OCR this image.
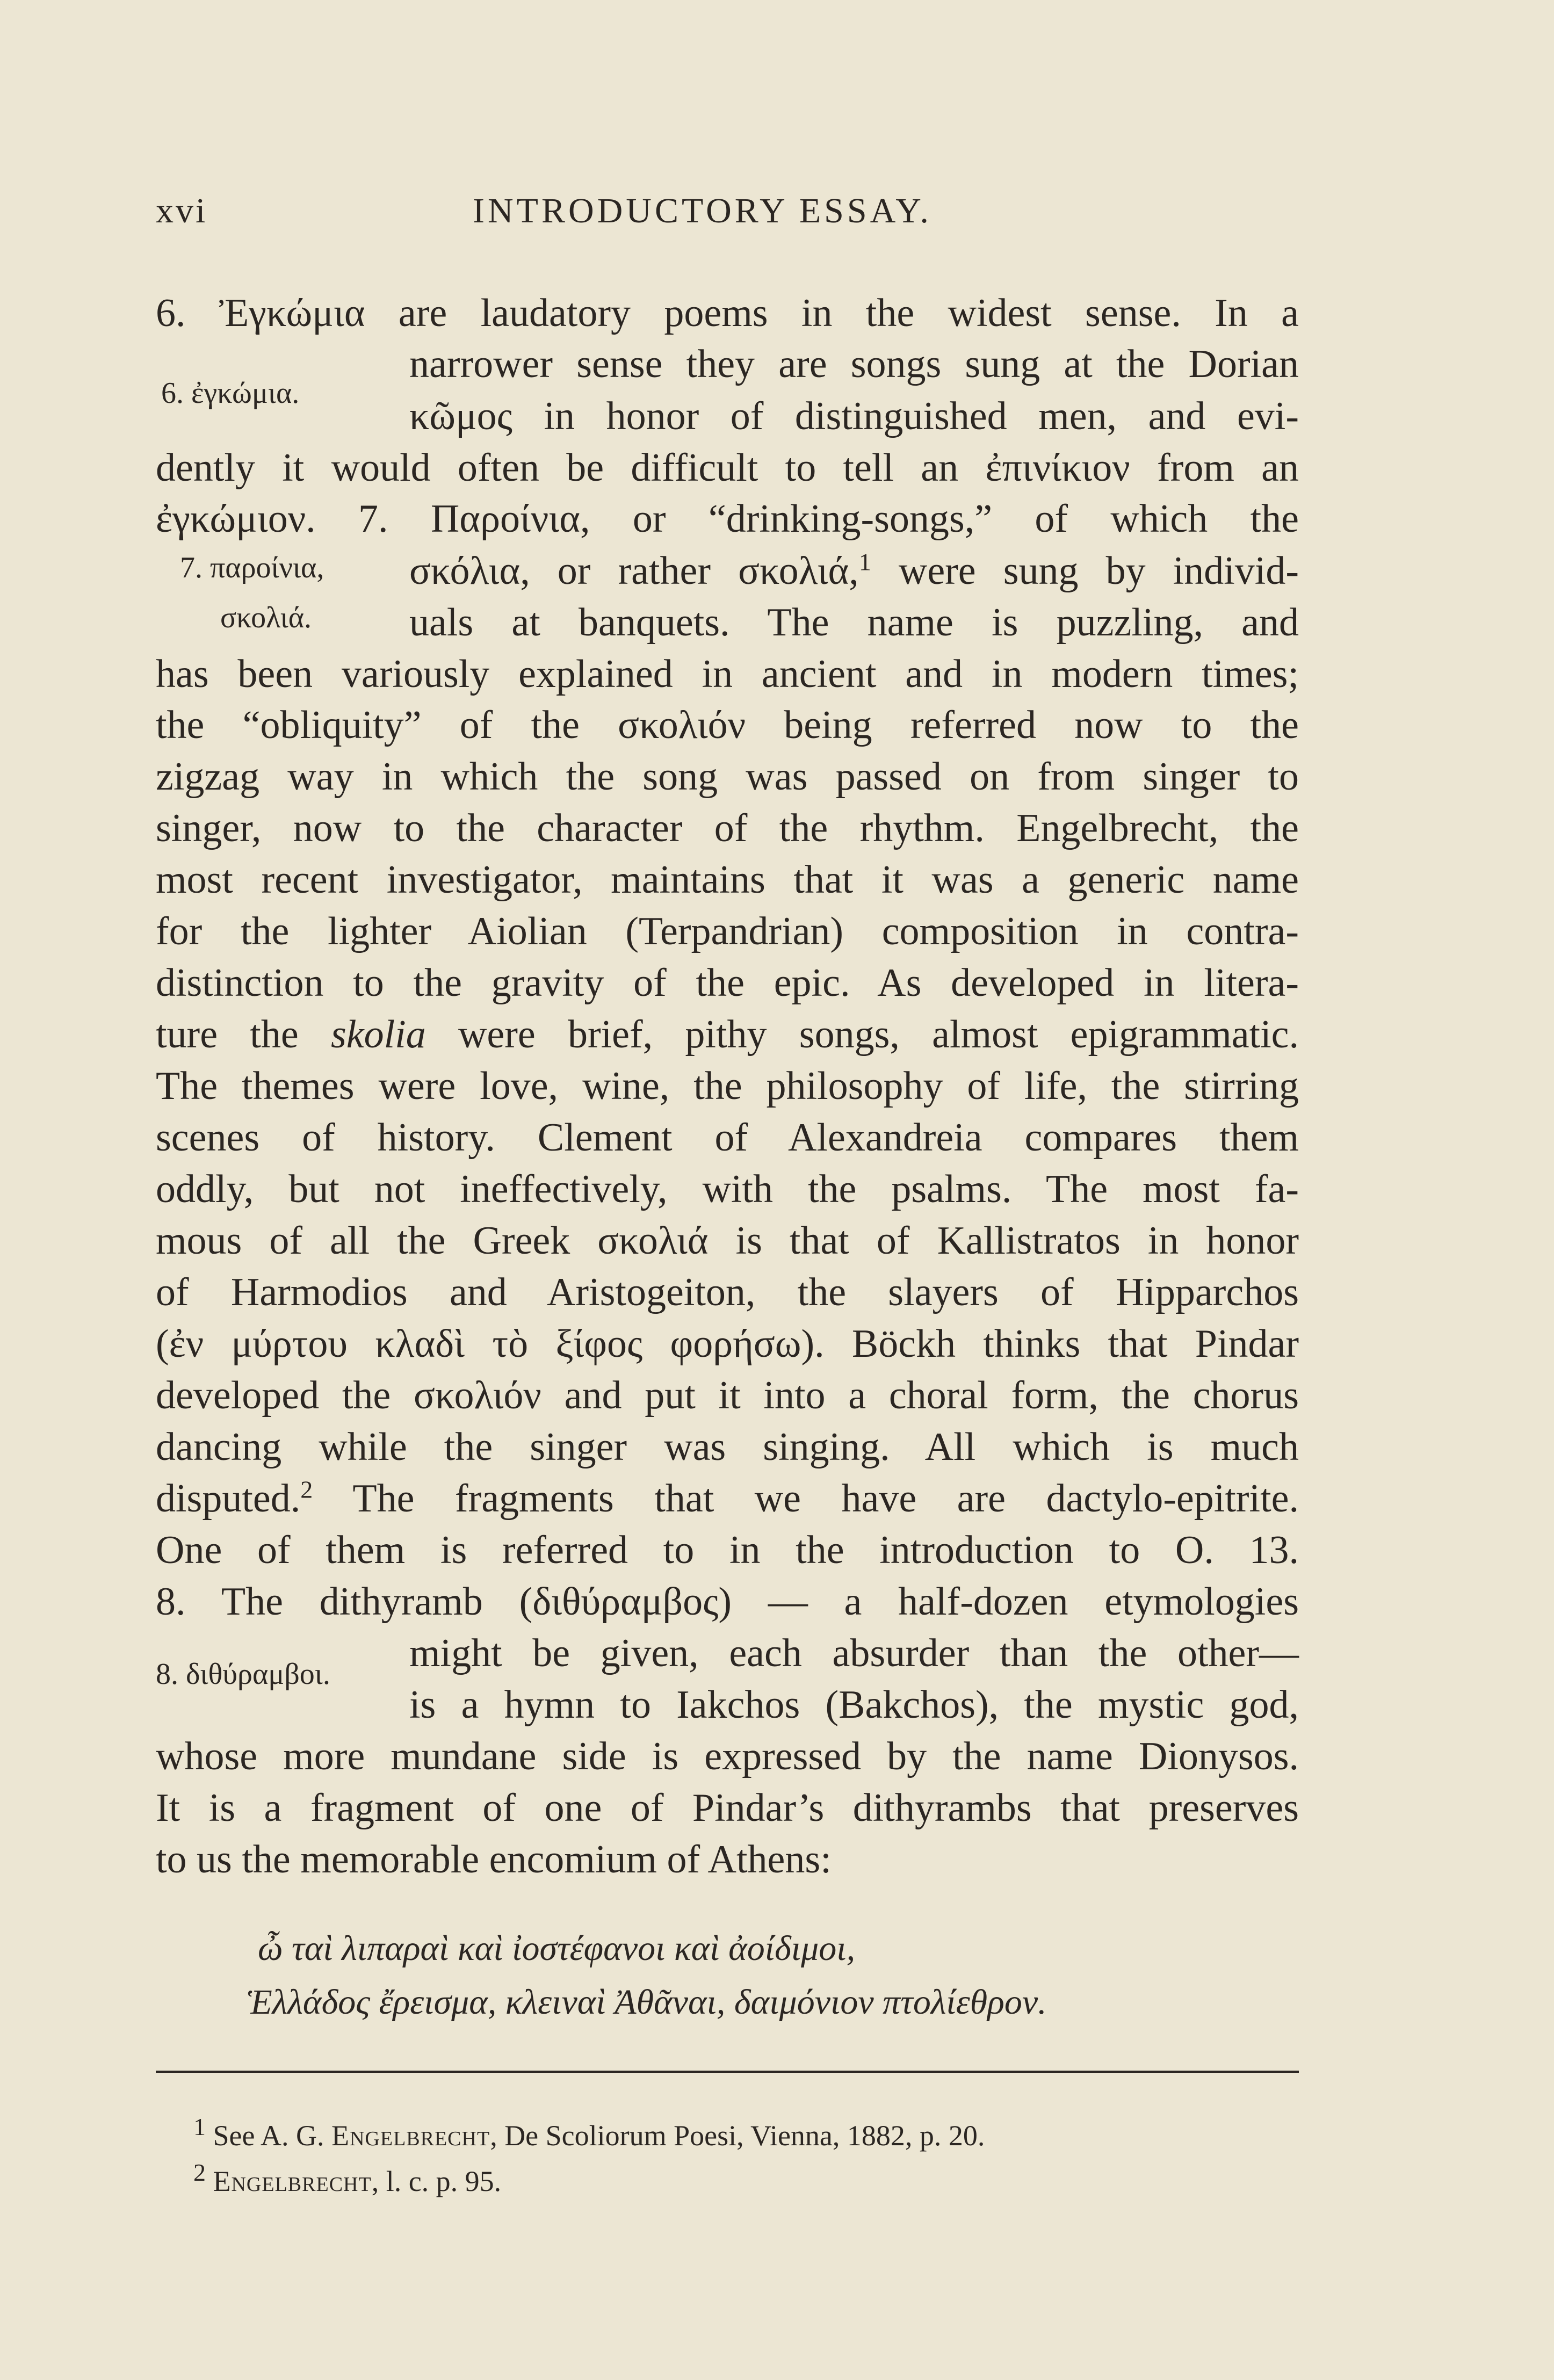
xvi	INTRODUCTORY ESSAY.
6. ἐγκώμια.
7. παροίνια,
σκολιά.
8. διθύραμβοι.
6. Ἐγκώμια are laudatory poems in the widest sense. In a
narrower sense they are songs sung at the Dorian
κῶμος in honor of distinguished men, and evi-
dently it would often be difficult to tell an ἐπινίκιον from an
ἐγκώμιον. 7. Παροίνια, or “drinking-songs,” of which the
σκόλια, or rather σκολιά,$^1$ were sung by individ-
uals at banquets. The name is puzzling, and
has been variously explained in ancient and in modern times;
the “obliquity” of the σκολιόν being referred now to the
zigzag way in which the song was passed on from singer to
singer, now to the character of the rhythm. Engelbrecht, the
most recent investigator, maintains that it was a generic name
for the lighter Aiolian (Terpandrian) composition in contra-
distinction to the gravity of the epic. As developed in litera-
ture the skolia were brief, pithy songs, almost epigrammatic.
The themes were love, wine, the philosophy of life, the stirring
scenes of history. Clement of Alexandreia compares them
oddly, but not ineffectively, with the psalms. The most fa-
mous of all the Greek σκολιά is that of Kallistratos in honor
of Harmodios and Aristogeiton, the slayers of Hipparchos
(ἐν μύρτου κλαδὶ τὸ ξίφος φορήσω). Böckh thinks that Pindar
developed the σκολιόν and put it into a choral form, the chorus
dancing while the singer was singing. All which is much
disputed.$^2$ The fragments that we have are dactylo-epitrite.
One of them is referred to in the introduction to O. 13.
8. The dithyramb (διθύραμβος) — a half-dozen etymologies
might be given, each absurder than the other—
is a hymn to Iakchos (Bakchos), the mystic god,
whose more mundane side is expressed by the name Dionysos.
It is a fragment of one of Pindar’s dithyrambs that preserves
to us the memorable encomium of Athens:
ὦ ταὶ λιπαραὶ καὶ ἰοστέφανοι καὶ ἀοίδιμοι,
Ἑλλάδος ἔρεισμα, κλειναὶ Ἀθᾶναι, δαιμόνιον πτολίεθρον.
1 See A. G. Engelbrecht, De Scoliorum Poesi, Vienna, 1882, p. 20.
2 Engelbrecht, l. c. p. 95.
